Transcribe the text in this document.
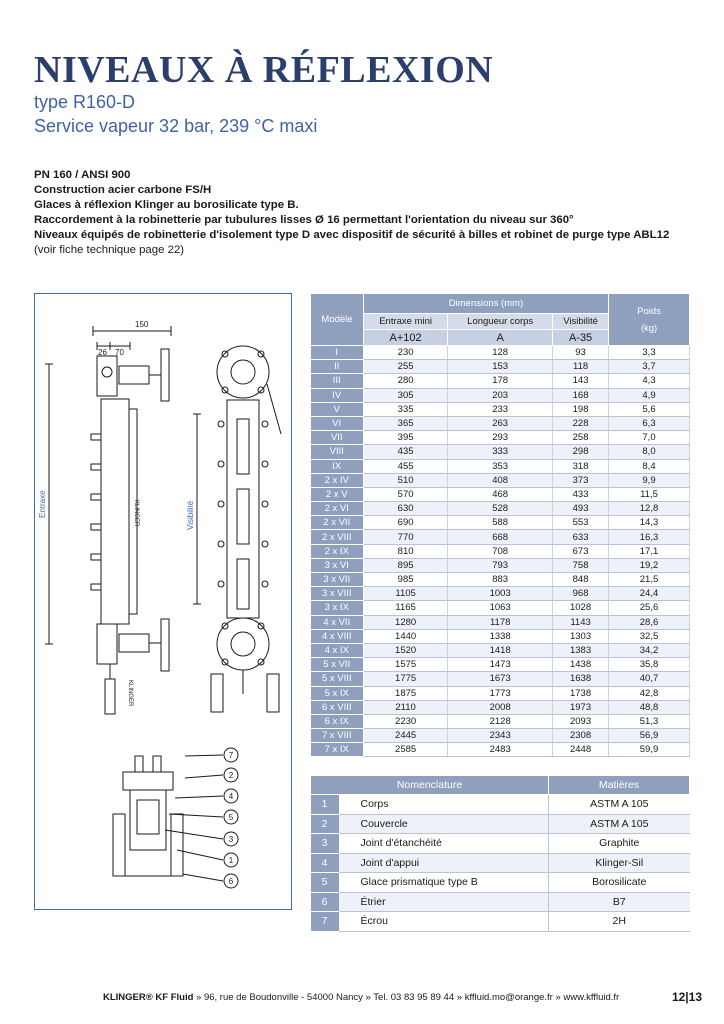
NIVEAUX À RÉFLEXION

type R160-D

Service vapeur 32 bar, 239 °C maxi

PN 160 / ANSI 900
Construction acier carbone FS/H
Glaces à réflexion Klinger au borosilicate type B.
Raccordement à la robinetterie par tubulures lisses Ø 16 permettant l'orientation du niveau sur 360°
Niveaux équipés de robinetterie d'isolement type D avec dispositif de sécurité à billes et robinet de purge type ABL12
(voir fiche technique page 22)
150
26 70
Entraxe	Visibilité
KLINGER
KLINGER
7
2
4
5
3
1
6
Modèle	Dimensions (mm)			Poids
(kg)

	Entraxe mini	Longueur corps	Visibilité	
	A+102	A	A-35	
I	230	128	93	3,3
II	255	153	118	3,7
III	280	178	143	4,3
IV	305	203	168	4,9
V	335	233	198	5,6
VI	365	263	228	6,3
VII	395	293	258	7,0
VIII	435	333	298	8,0
IX	455	353	318	8,4
2 x IV	510	408	373	9,9
2 x V	570	468	433	11,5
2 x VI	630	528	493	12,8
2 x VII	690	588	553	14,3
2 x VIII	770	668	633	16,3
2 x IX	810	708	673	17,1
3 x VI	895	793	758	19,2
3 x VII	985	883	848	21,5
3 x VIII	1105	1003	968	24,4
3 x IX	1165	1063	1028	25,6
4 x VII	1280	1178	1143	28,6
4 x VIII	1440	1338	1303	32,5
4 x IX	1520	1418	1383	34,2
5 x VII	1575	1473	1438	35,8
5 x VIII	1775	1673	1638	40,7
5 x IX	1875	1773	1738	42,8
6 x VIII	2110	2008	1973	48,8
6 x IX	2230	2128	2093	51,3
7 x VIII	2445	2343	2308	56,9
7 x IX	2585	2483	2448	59,9
Nomenclature		Matières
1	Corps	ASTM A 105
2	Couvercle	ASTM A 105
3	Joint d'étanchéité	Graphite
4	Joint d'appui	Klinger-Sil
5	Glace prismatique type B	Borosilicate
6	Étrier	B7
7	Écrou	2H
KLINGER® KF Fluid » 96, rue de Boudonville - 54000 Nancy » Tel. 03 83 95 89 44 » kffluid.mo@orange.fr » www.kffluid.fr	12|13
